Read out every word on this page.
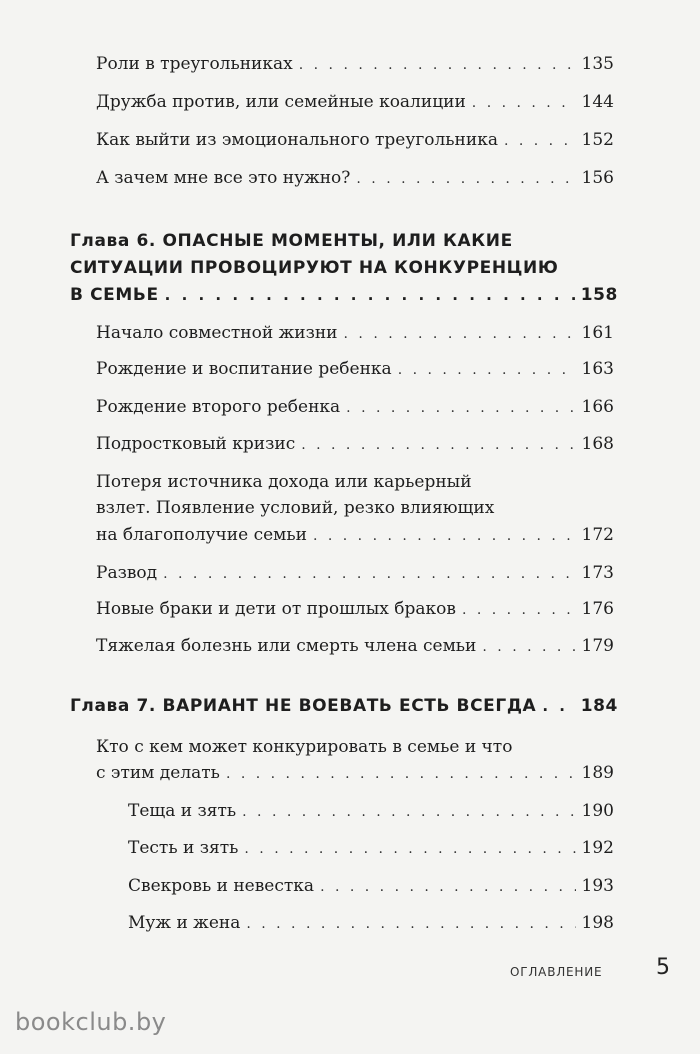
Роли в треугольниках . . .	135
Дружба против, или семейные коалиции . . .	144
Как выйти из эмоционального треугольника . . .	152
А зачем мне все это нужно? . . .	156
Глава 6. ОПАСНЫЕ МОМЕНТЫ, ИЛИ КАКИЕ
СИТУАЦИИ ПРОВОЦИРУЮТ НА КОНКУРЕНЦИЮ
В СЕМЬЕ . . .	158
Начало совместной жизни . . .	161
Рождение и воспитание ребенка . . .	163
Рождение второго ребенка . . .	166
Подростковый кризис . . .	168
Потеря источника дохода или карьерный
взлет. Появление условий, резко влияющих
на благополучие семьи . . .	172
Развод . . .	173
Новые браки и дети от прошлых браков . . .	176
Тяжелая болезнь или смерть члена семьи . . .	179
Глава 7. ВАРИАНТ НЕ ВОЕВАТЬ ЕСТЬ ВСЕГДА . . .	184
Кто с кем может конкурировать в семье и что
с этим делать . . .	189
Теща и зять . . .	190
Тесть и зять . . .	192
Свекровь и невестка . . .	193
Муж и жена . . .	198
ОГЛАВЛЕНИЕ 5
bookclub.by
